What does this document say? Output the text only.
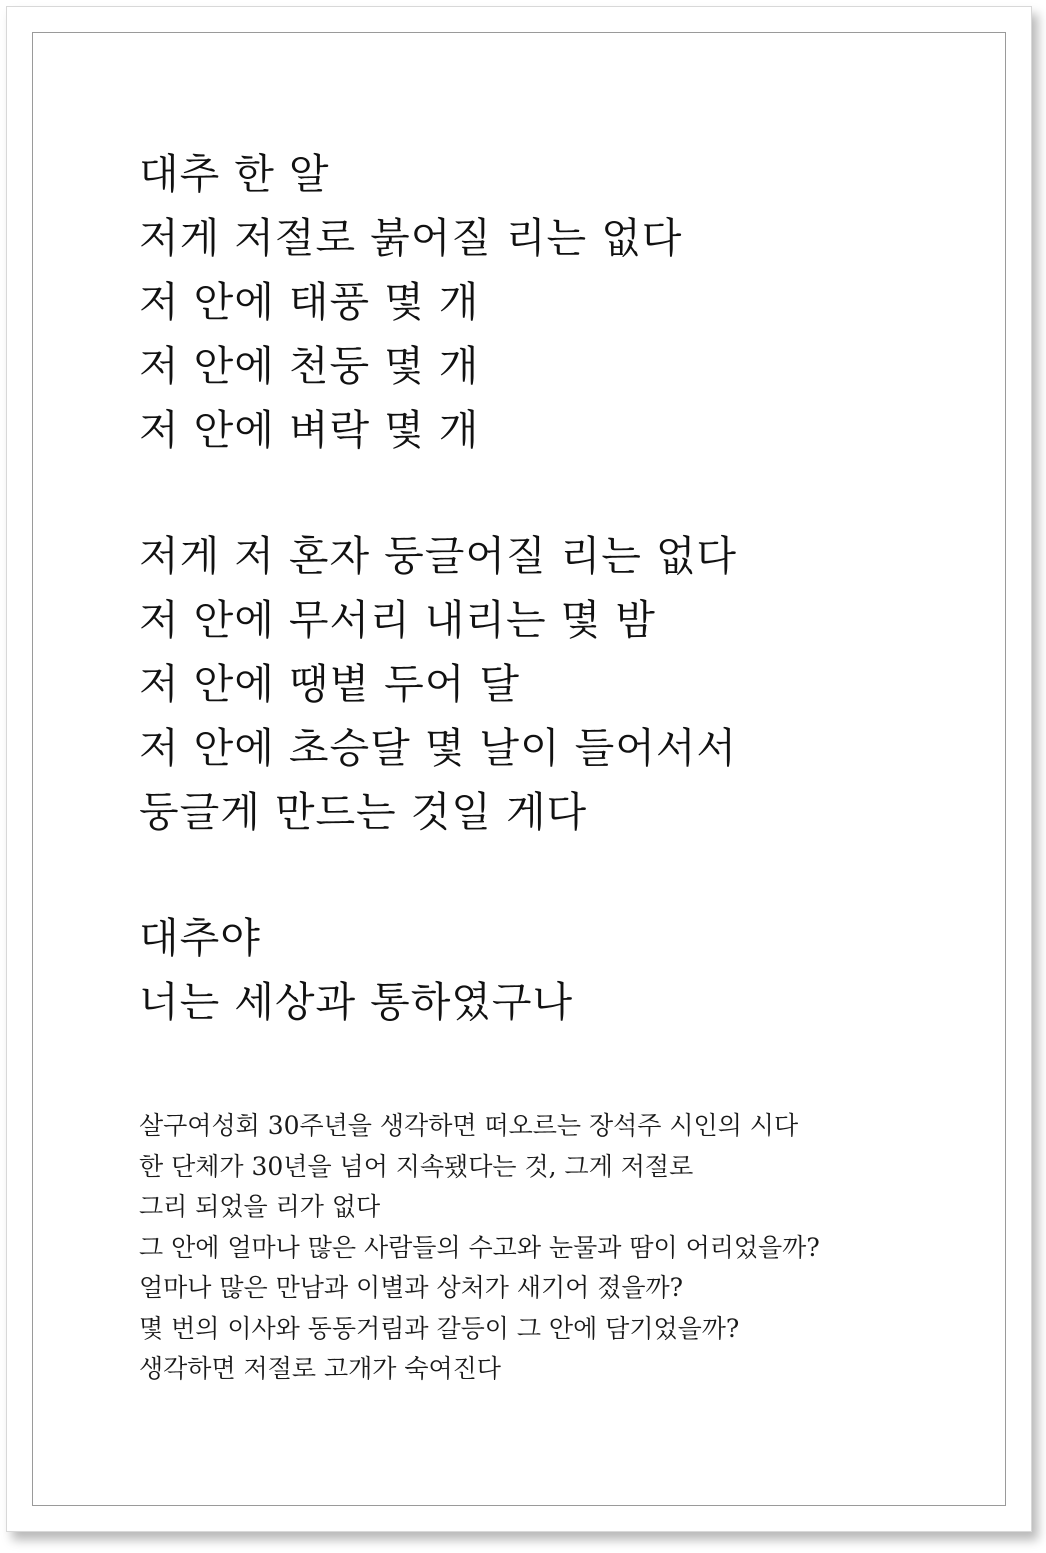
대추 한 알
저게 저절로 붉어질 리는 없다
저 안에 태풍 몇 개
저 안에 천둥 몇 개
저 안에 벼락 몇 개
저게 저 혼자 둥글어질 리는 없다
저 안에 무서리 내리는 몇 밤
저 안에 땡볕 두어 달
저 안에 초승달 몇 날이 들어서서
둥글게 만드는 것일 게다
대추야
너는 세상과 통하였구나
살구여성회 30주년을 생각하면 떠오르는 장석주 시인의 시다
한 단체가 30년을 넘어 지속됐다는 것, 그게 저절로
그리 되었을 리가 없다
그 안에 얼마나 많은 사람들의 수고와 눈물과 땀이 어리었을까?
얼마나 많은 만남과 이별과 상처가 새기어 졌을까?
몇 번의 이사와 동동거림과 갈등이 그 안에 담기었을까?
생각하면 저절로 고개가 숙여진다
